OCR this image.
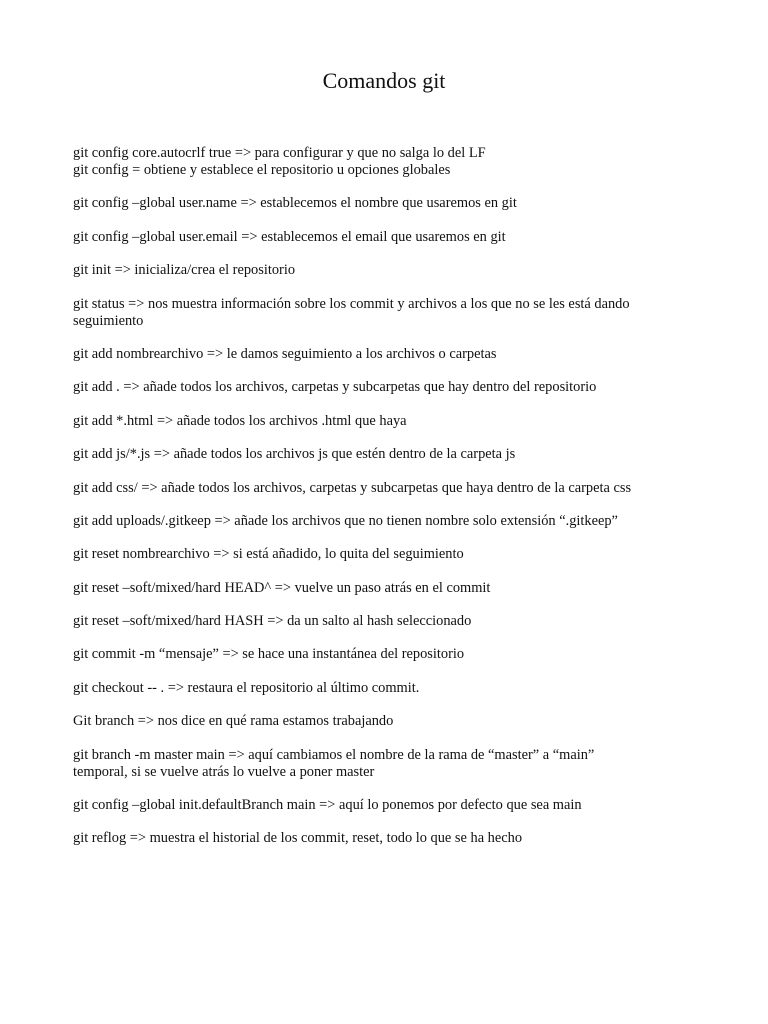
Comandos git

git config core.autocrlf true => para configurar y que no salga lo del LF
git config = obtiene y establece el repositorio u opciones globales

git config –global user.name => establecemos el nombre que usaremos en git

git config –global user.email => establecemos el email que usaremos en git

git init => inicializa/crea el repositorio

git status => nos muestra información sobre los commit y archivos a los que no se les está dando
seguimiento

git add nombrearchivo => le damos seguimiento a los archivos o carpetas

git add . => añade todos los archivos, carpetas y subcarpetas que hay dentro del repositorio

git add *.html => añade todos los archivos .html que haya

git add js/*.js => añade todos los archivos js que estén dentro de la carpeta js

git add css/ => añade todos los archivos, carpetas y subcarpetas que haya dentro de la carpeta css

git add uploads/.gitkeep => añade los archivos que no tienen nombre solo extensión “.gitkeep”

git reset nombrearchivo => si está añadido, lo quita del seguimiento

git reset –soft/mixed/hard HEAD^ => vuelve un paso atrás en el commit

git reset –soft/mixed/hard HASH => da un salto al hash seleccionado

git commit -m “mensaje” => se hace una instantánea del repositorio

git checkout -- . => restaura el repositorio al último commit.

Git branch => nos dice en qué rama estamos trabajando

git branch -m master main => aquí cambiamos el nombre de la rama de “master” a “main”
temporal, si se vuelve atrás lo vuelve a poner master

git config –global init.defaultBranch main => aquí lo ponemos por defecto que sea main

git reflog => muestra el historial de los commit, reset, todo lo que se ha hecho
